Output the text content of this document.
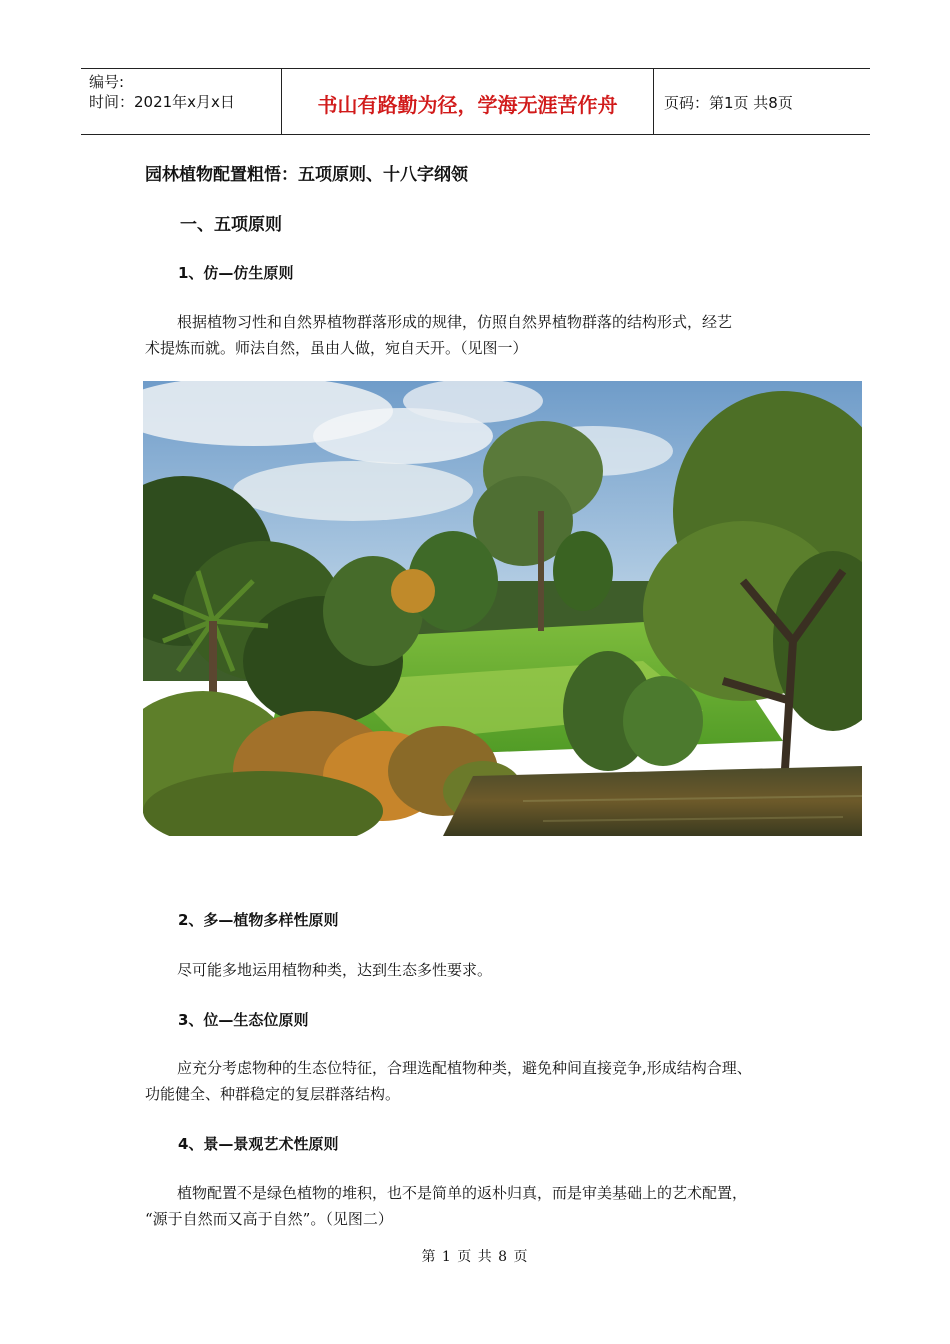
编号:
时间：2021年x月x日	书山有路勤为径，学海无涯苦作舟	页码：第1页 共8页
园林植物配置粗悟：五项原则、十八字纲领
一、五项原则
1、仿—仿生原则
根据植物习性和自然界植物群落形成的规律，仿照自然界植物群落的结构形式，经艺
术提炼而就。师法自然，虽由人做，宛自天开。（见图一）
2、多—植物多样性原则
尽可能多地运用植物种类，达到生态多性要求。
3、位—生态位原则
应充分考虑物种的生态位特征，合理选配植物种类，避免种间直接竞争,形成结构合理、
功能健全、种群稳定的复层群落结构。
4、景—景观艺术性原则
植物配置不是绿色植物的堆积，也不是简单的返朴归真，而是审美基础上的艺术配置，
“源于自然而又高于自然”。（见图二）
第 1 页 共 8 页
